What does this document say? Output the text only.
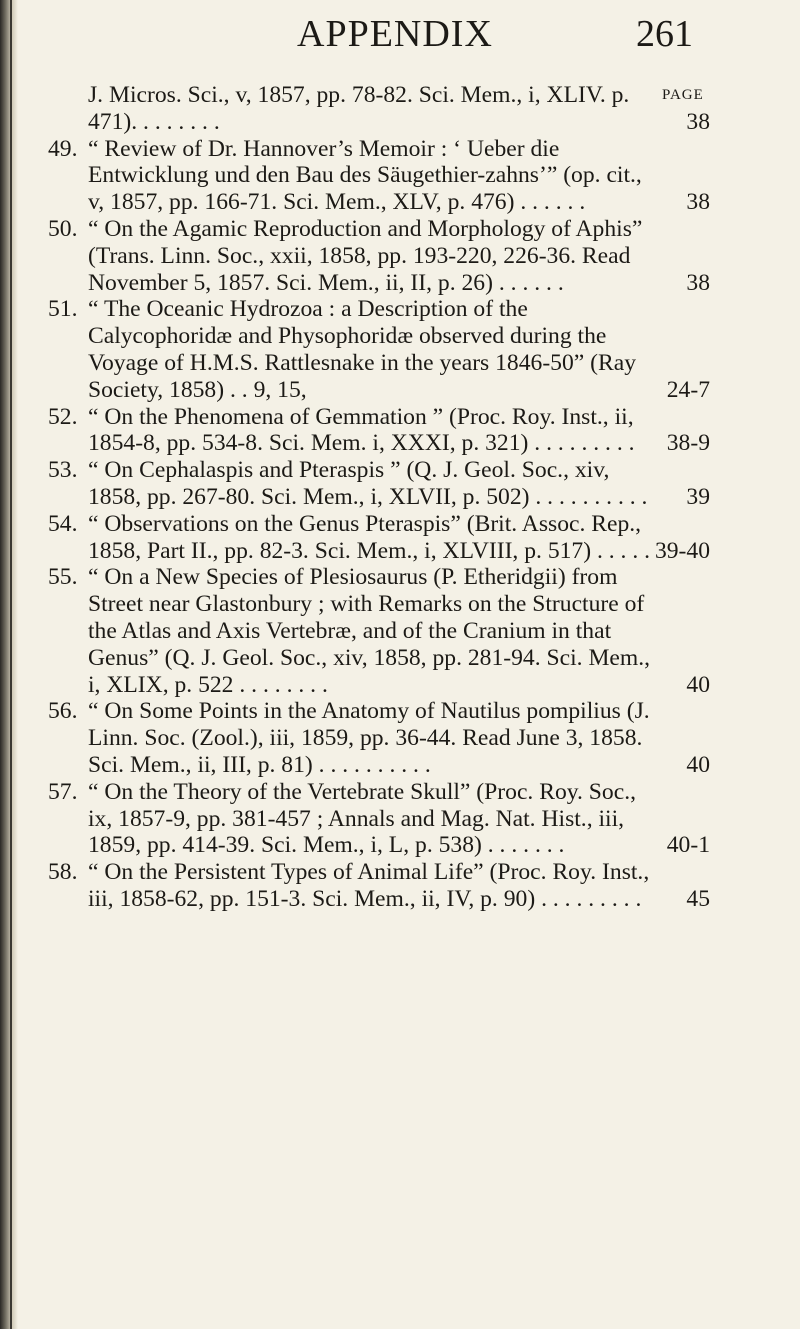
APPENDIX	261
PAGE
J. Micros. Sci., v, 1857, pp. 78-82. Sci. Mem., i, XLIV. p. 471). . . . . . . .	38
49. “ Review of Dr. Hannover’s Memoir : ‘ Ueber die Entwicklung und den Bau des Säugethier-zahns’” (op. cit., v, 1857, pp. 166-71. Sci. Mem., XLV, p. 476) . . . . . .	38
50. “ On the Agamic Reproduction and Morphology of Aphis” (Trans. Linn. Soc., xxii, 1858, pp. 193-220, 226-36. Read November 5, 1857. Sci. Mem., ii, II, p. 26) . . . . . .	38
51. “ The Oceanic Hydrozoa : a Description of the Calycophoridæ and Physophoridæ observed during the Voyage of H.M.S. Rattlesnake in the years 1846-50” (Ray Society, 1858) . . 9, 15,	24-7
52. “ On the Phenomena of Gemmation ” (Proc. Roy. Inst., ii, 1854-8, pp. 534-8. Sci. Mem. i, XXXI, p. 321) . . . . . . . . .	38-9
53. “ On Cephalaspis and Pteraspis ” (Q. J. Geol. Soc., xiv, 1858, pp. 267-80. Sci. Mem., i, XLVII, p. 502) . . . . . . . . . .	39
54. “ Observations on the Genus Pteraspis” (Brit. Assoc. Rep., 1858, Part II., pp. 82-3. Sci. Mem., i, XLVIII, p. 517) . . . . . 39-40
55. “ On a New Species of Plesiosaurus (P. Etheridgii) from Street near Glastonbury ; with Remarks on the Structure of the Atlas and Axis Vertebræ, and of the Cranium in that Genus” (Q. J. Geol. Soc., xiv, 1858, pp. 281-94. Sci. Mem., i, XLIX, p. 522 . . . . . . . .	40
56. “ On Some Points in the Anatomy of Nautilus pompilius (J. Linn. Soc. (Zool.), iii, 1859, pp. 36-44. Read June 3, 1858. Sci. Mem., ii, III, p. 81) . . . . . . . . . .	40
57. “ On the Theory of the Vertebrate Skull” (Proc. Roy. Soc., ix, 1857-9, pp. 381-457 ; Annals and Mag. Nat. Hist., iii, 1859, pp. 414-39. Sci. Mem., i, L, p. 538) . . . . . . .	40-1
58. “ On the Persistent Types of Animal Life” (Proc. Roy. Inst., iii, 1858-62, pp. 151-3. Sci. Mem., ii, IV, p. 90) . . . . . . . . .	45
